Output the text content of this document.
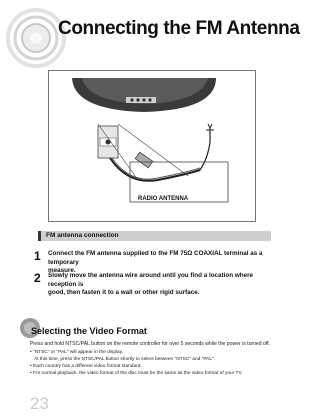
Connecting the FM Antenna
RADIO ANTENNA
FM antenna connection
1 Connect the FM antenna supplied to the FM 75Ω COAXIAL terminal as a temporary
measure.
2 Slowly move the antenna wire around until you find a location where reception is
good, then fasten it to a wall or other rigid surface.
Selecting the Video Format
Press and hold NTSC/PAL button on the remote controller for over 5 seconds while the power is turned off.
• "NTSC" or "PAL" will appear in the display.
At this time, press the NTSC/PAL button shortly to select between "NTSC" and "PAL".
• Each country has a different video format standard.
• For normal playback, the video format of the disc must be the same as the video format of your TV.
23
